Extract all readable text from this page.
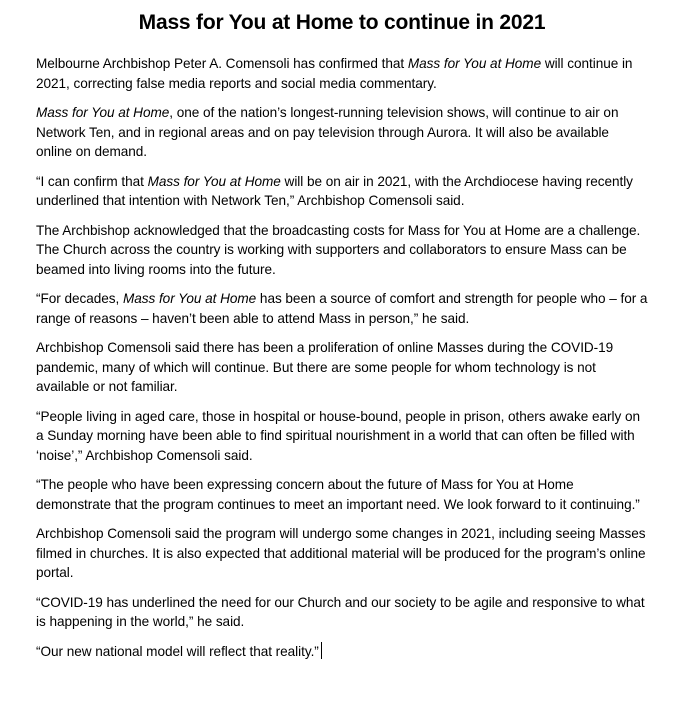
Mass for You at Home to continue in 2021

Melbourne Archbishop Peter A. Comensoli has confirmed that Mass for You at Home will continue in 2021, correcting false media reports and social media commentary.

Mass for You at Home, one of the nation’s longest-running television shows, will continue to air on Network Ten, and in regional areas and on pay television through Aurora. It will also be available online on demand.

“I can confirm that Mass for You at Home will be on air in 2021, with the Archdiocese having recently underlined that intention with Network Ten,” Archbishop Comensoli said.

The Archbishop acknowledged that the broadcasting costs for Mass for You at Home are a challenge. The Church across the country is working with supporters and collaborators to ensure Mass can be beamed into living rooms into the future.

“For decades, Mass for You at Home has been a source of comfort and strength for people who – for a range of reasons – haven’t been able to attend Mass in person,” he said.

Archbishop Comensoli said there has been a proliferation of online Masses during the COVID-19 pandemic, many of which will continue. But there are some people for whom technology is not available or not familiar.

“People living in aged care, those in hospital or house-bound, people in prison, others awake early on a Sunday morning have been able to find spiritual nourishment in a world that can often be filled with ‘noise’,” Archbishop Comensoli said.

“The people who have been expressing concern about the future of Mass for You at Home demonstrate that the program continues to meet an important need. We look forward to it continuing.”

Archbishop Comensoli said the program will undergo some changes in 2021, including seeing Masses filmed in churches. It is also expected that additional material will be produced for the program’s online portal.

“COVID-19 has underlined the need for our Church and our society to be agile and responsive to what is happening in the world,” he said.

“Our new national model will reflect that reality.”
